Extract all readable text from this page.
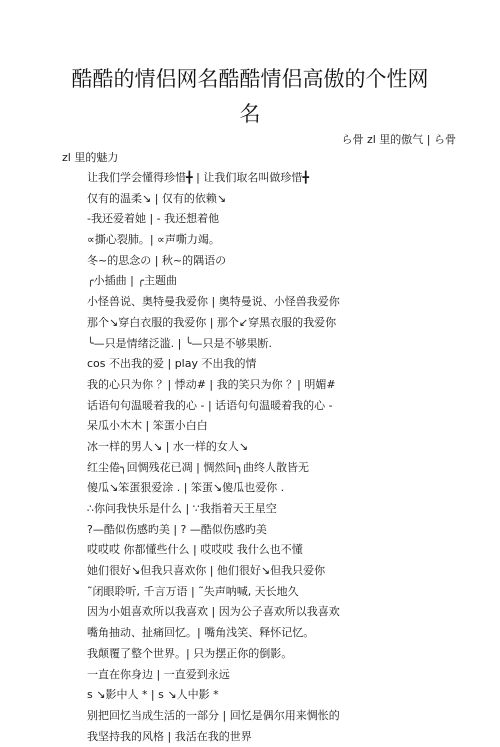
酷酷的情侣网名酷酷情侣高傲的个性网
名
ら骨 zl 里的傲气 | ら骨
zl 里的魅力
让我们学会懂得珍惜╋ | 让我们取名叫做珍惜╋
仅有的温柔↘ | 仅有的依赖↘
-我还爱着她 | - 我还想着他
∝撕心裂肺。| ∝声嘶力竭。
冬~的思念の | 秋~的隅语の
╭小插曲 | ╭主题曲
小怪兽说、奥特曼我爱你 | 奥特曼说、小怪兽我爱你
那个↘穿白衣服的我爱你 | 那个↙穿黑衣服的我爱你
╰—只是情绪泛滥. | ╰—只是不够果断.
cos 不出我的爱 | play 不出我的情
我的心只为你 ？| 悸动# | 我的笑只为你 ？| 明媚#
话语句句温暖着我的心 - | 话语句句温暖着我的心 -
呆瓜小木木 | 笨蛋小白白
冰一样的男人↘ | 水一样的女人↘
红尘倦╮回惆残花已凋 | 惆然间╮曲终人散皆无
傻瓜↘笨蛋狠爱涂 . | 笨蛋↘傻瓜也爱你 .
∴你问我快乐是什么 | ∵我指着天王星空
?—酷似伤感旳美 | ? —酷似伤感旳美
哎哎哎 你都懂些什么 | 哎哎哎 我什么也不懂
她们很好↘但我只喜欢你 | 他们很好↘但我只爱你
˜闭眼聆听, 千言万语 | ˜失声呐喊, 天长地久
因为小姐喜欢所以我喜欢 | 因为公子喜欢所以我喜欢
嘴角抽动、扯痛回忆。| 嘴角浅笑、释怀记忆。
我颠覆了整个世界。| 只为摆正你的倒影。
一直在你身边 | 一直爱到永远
s ↘影中人 * | s ↘人中影 *
别把回忆当成生活的一部分 | 回忆是偶尔用来惆怅的
我坚持我的风格 | 我活在我的世界
